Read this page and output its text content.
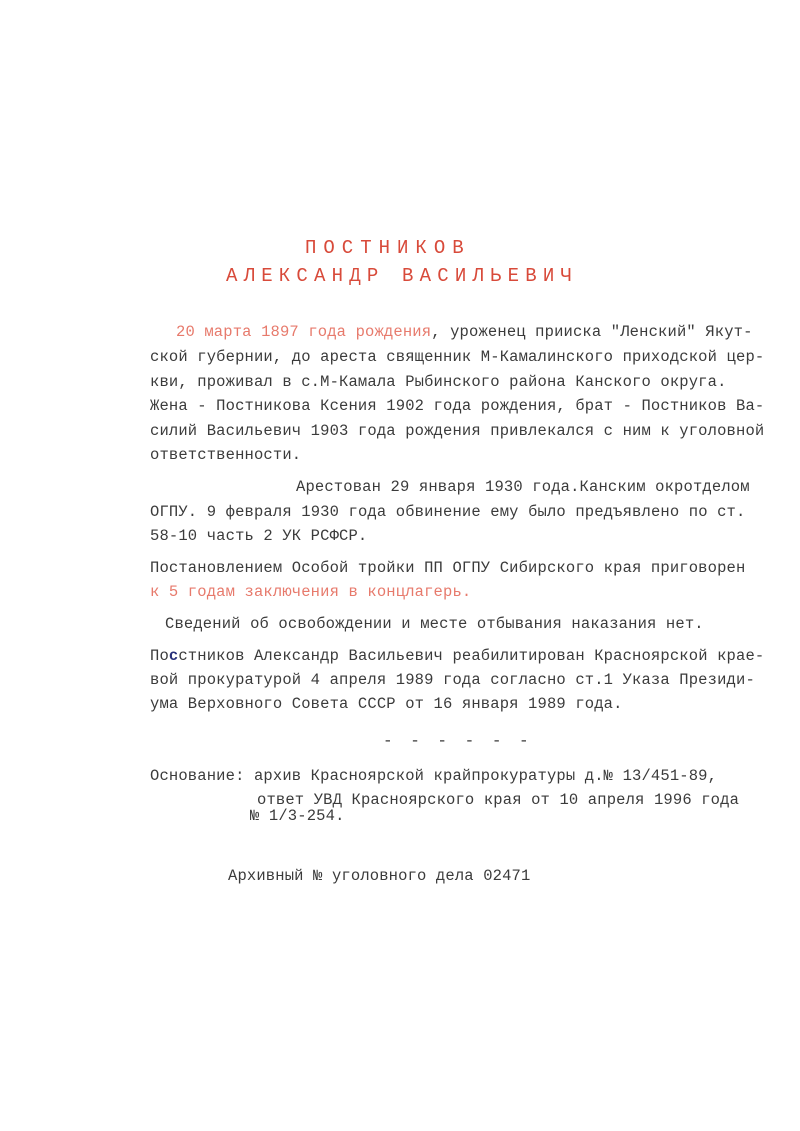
ПОСТНИКОВ
АЛЕКСАНДР ВАСИЛЬЕВИЧ
20 марта 1897 года рождения, уроженец прииска "Ленский" Якут-
ской губернии, до ареста священник М-Камалинского приходской цер-
кви, проживал в с.М-Камала Рыбинского района Канского округа.
Жена - Постникова Ксения 1902 года рождения, брат - Постников Ва-
силий Васильевич 1903 года рождения привлекался с ним к уголовной
ответственности.
Арестован 29 января 1930 года.Канским окротделом
ОГПУ. 9 февраля 1930 года обвинение ему было предъявлено по ст.
58-10 часть 2 УК РСФСР.
Постановлением Особой тройки ПП ОГПУ Сибирского края приговорен
к 5 годам заключения в концлагерь.
Сведений об освобождении и месте отбывания наказания нет.
Посстников Александр Васильевич реабилитирован Красноярской крае-
вой прокуратурой 4 апреля 1989 года согласно ст.1 Указа Президи-
ума Верховного Совета СССР от 16 января 1989 года.
- - - - - -
Основание: архив Красноярской крайпрокуратуры д.№ 13/451-89,
ответ УВД Красноярского края от 10 апреля 1996 года
№ 1/3-254.
Архивный № уголовного дела 02471
